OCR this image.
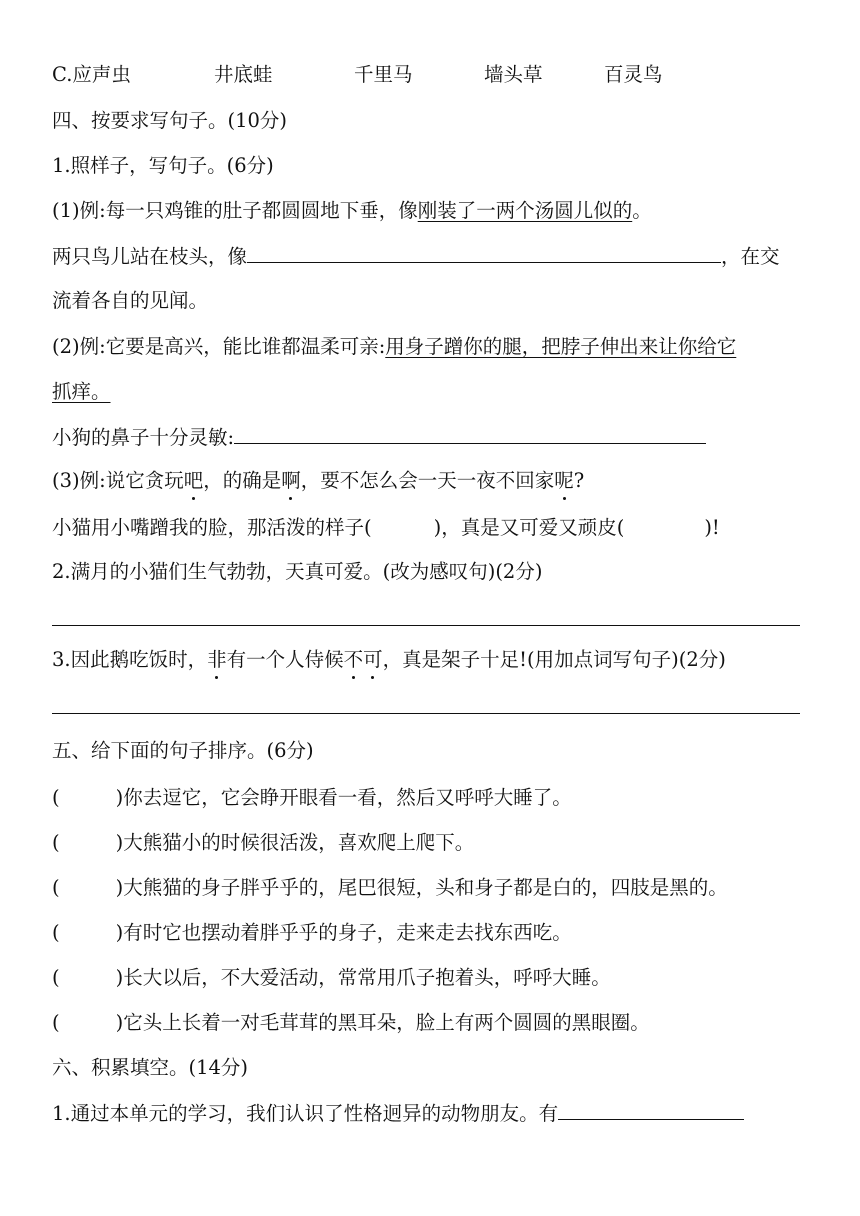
C.应声虫	井底蛙	千里马	墙头草	百灵鸟
四、按要求写句子。(10分)
1.照样子，写句子。(6分)
(1)例:每一只鸡锥的肚子都圆圆地下垂，像刚装了一两个汤圆儿似的。
两只鸟儿站在枝头，像	，在交
流着各自的见闻。
(2)例:它要是高兴，能比谁都温柔可亲:用身子蹭你的腿，把脖子伸出来让你给它
抓痒。
小狗的鼻子十分灵敏:
(3)例:说它贪玩吧，的确是啊，要不怎么会一天一夜不回家呢?
小猫用小嘴蹭我的脸，那活泼的样子(	)，真是又可爱又顽皮(	)!
2.满月的小猫们生气勃勃，天真可爱。(改为感叹句)(2分)
3.因此鹅吃饭时，非有一个人侍候不可，真是架子十足!(用加点词写句子)(2分)
五、给下面的句子排序。(6分)
(	)你去逗它，它会睁开眼看一看，然后又呼呼大睡了。
(	)大熊猫小的时候很活泼，喜欢爬上爬下。
(	)大熊猫的身子胖乎乎的，尾巴很短，头和身子都是白的，四肢是黑的。
(	)有时它也摆动着胖乎乎的身子，走来走去找东西吃。
(	)长大以后，不大爱活动，常常用爪子抱着头，呼呼大睡。
(	)它头上长着一对毛茸茸的黑耳朵，脸上有两个圆圆的黑眼圈。
六、积累填空。(14分)
1.通过本单元的学习，我们认识了性格迥异的动物朋友。有
